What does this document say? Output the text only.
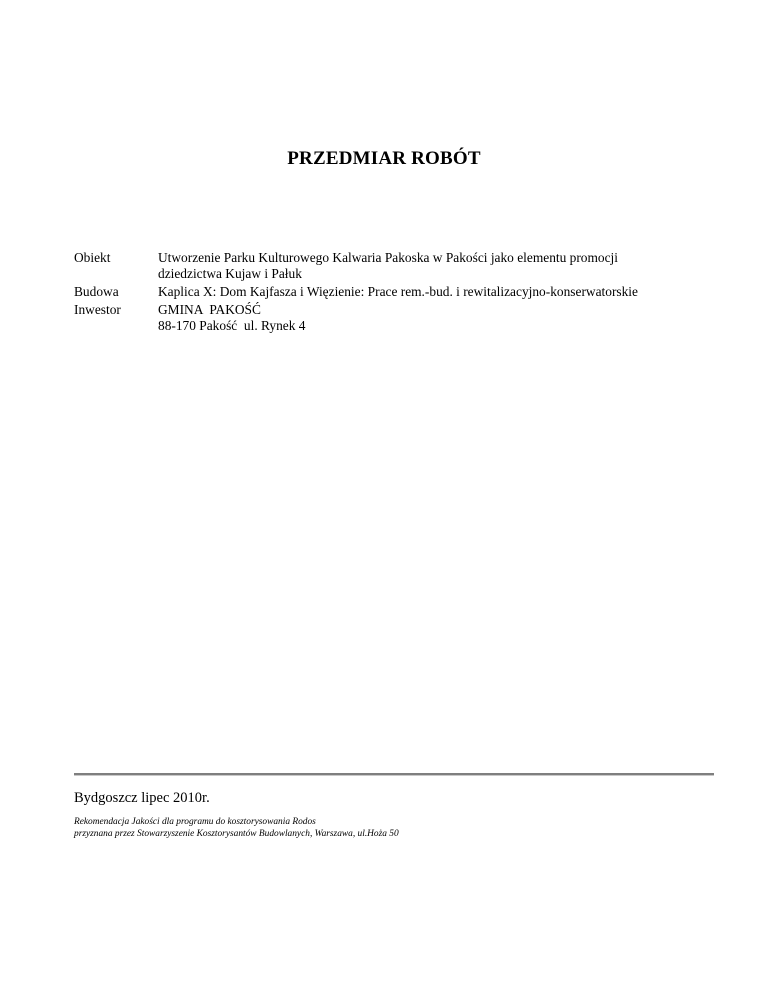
PRZEDMIAR ROBÓT
Obiekt	Utworzenie Parku Kulturowego Kalwaria Pakoska w Pakości jako elementu promocji
dziedzictwa Kujaw i Pałuk
Budowa	Kaplica X: Dom Kajfasza i Więzienie: Prace rem.-bud. i rewitalizacyjno-konserwatorskie
Inwestor	GMINA  PAKOŚĆ
88-170 Pakość  ul. Rynek 4
Bydgoszcz lipec 2010r.
Rekomendacja Jakości dla programu do kosztorysowania Rodos
przyznana przez Stowarzyszenie Kosztorysantów Budowlanych, Warszawa, ul.Hoża 50
